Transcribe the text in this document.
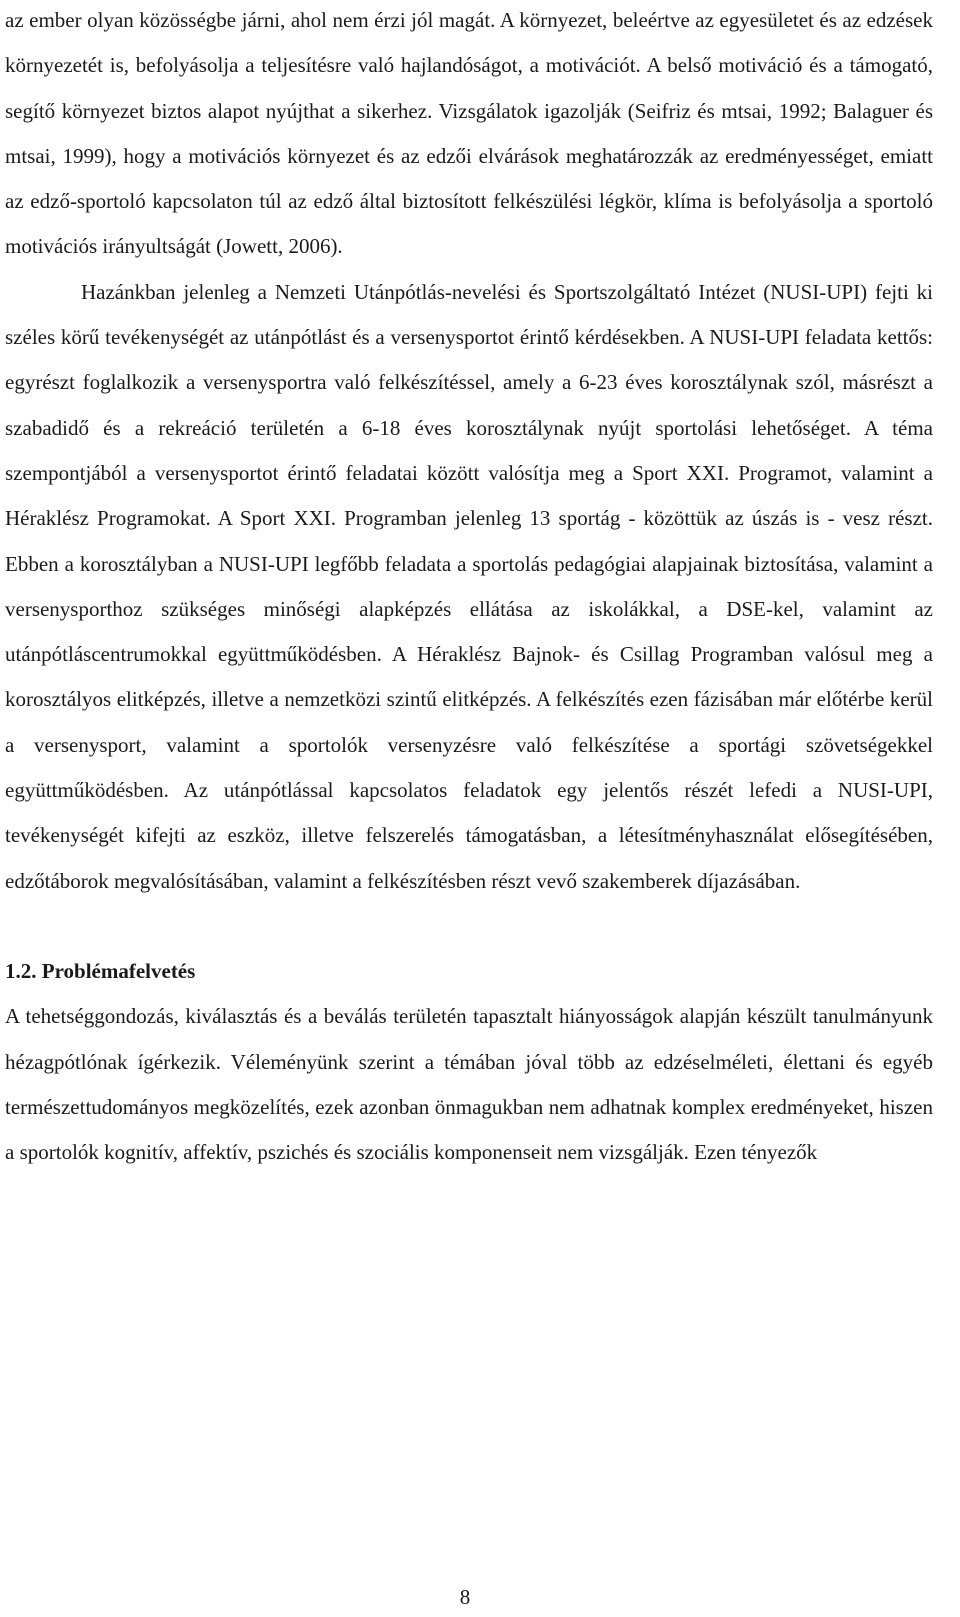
az ember olyan közösségbe járni, ahol nem érzi jól magát. A környezet, beleértve az egyesületet és az edzések környezetét is, befolyásolja a teljesítésre való hajlandóságot, a motivációt. A belső motiváció és a támogató, segítő környezet biztos alapot nyújthat a sikerhez. Vizsgálatok igazolják (Seifriz és mtsai, 1992; Balaguer és mtsai, 1999), hogy a motivációs környezet és az edzői elvárások meghatározzák az eredményességet, emiatt az edző-sportoló kapcsolaton túl az edző által biztosított felkészülési légkör, klíma is befolyásolja a sportoló motivációs irányultságát (Jowett, 2006).

Hazánkban jelenleg a Nemzeti Utánpótlás-nevelési és Sportszolgáltató Intézet (NUSI-UPI) fejti ki széles körű tevékenységét az utánpótlást és a versenysportot érintő kérdésekben. A NUSI-UPI feladata kettős: egyrészt foglalkozik a versenysportra való felkészítéssel, amely a 6-23 éves korosztálynak szól, másrészt a szabadidő és a rekreáció területén a 6-18 éves korosztálynak nyújt sportolási lehetőséget. A téma szempontjából a versenysportot érintő feladatai között valósítja meg a Sport XXI. Programot, valamint a Héraklész Programokat. A Sport XXI. Programban jelenleg 13 sportág - közöttük az úszás is - vesz részt. Ebben a korosztályban a NUSI-UPI legfőbb feladata a sportolás pedagógiai alapjainak biztosítása, valamint a versenysporthoz szükséges minőségi alapképzés ellátása az iskolákkal, a DSE-kel, valamint az utánpótláscentrumokkal együttműködésben. A Héraklész Bajnok- és Csillag Programban valósul meg a korosztályos elitképzés, illetve a nemzetközi szintű elitképzés. A felkészítés ezen fázisában már előtérbe kerül a versenysport, valamint a sportolók versenyzésre való felkészítése a sportági szövetségekkel együttműködésben. Az utánpótlással kapcsolatos feladatok egy jelentős részét lefedi a NUSI-UPI, tevékenységét kifejti az eszköz, illetve felszerelés támogatásban, a létesítményhasználat elősegítésében, edzőtáborok megvalósításában, valamint a felkészítésben részt vevő szakemberek díjazásában.

1.2. Problémafelvetés

A tehetséggondozás, kiválasztás és a beválás területén tapasztalt hiányosságok alapján készült tanulmányunk hézagpótlónak ígérkezik. Véleményünk szerint a témában jóval több az edzéselméleti, élettani és egyéb természettudományos megközelítés, ezek azonban önmagukban nem adhatnak komplex eredményeket, hiszen a sportolók kognitív, affektív, pszichés és szociális komponenseit nem vizsgálják. Ezen tényezők

8
